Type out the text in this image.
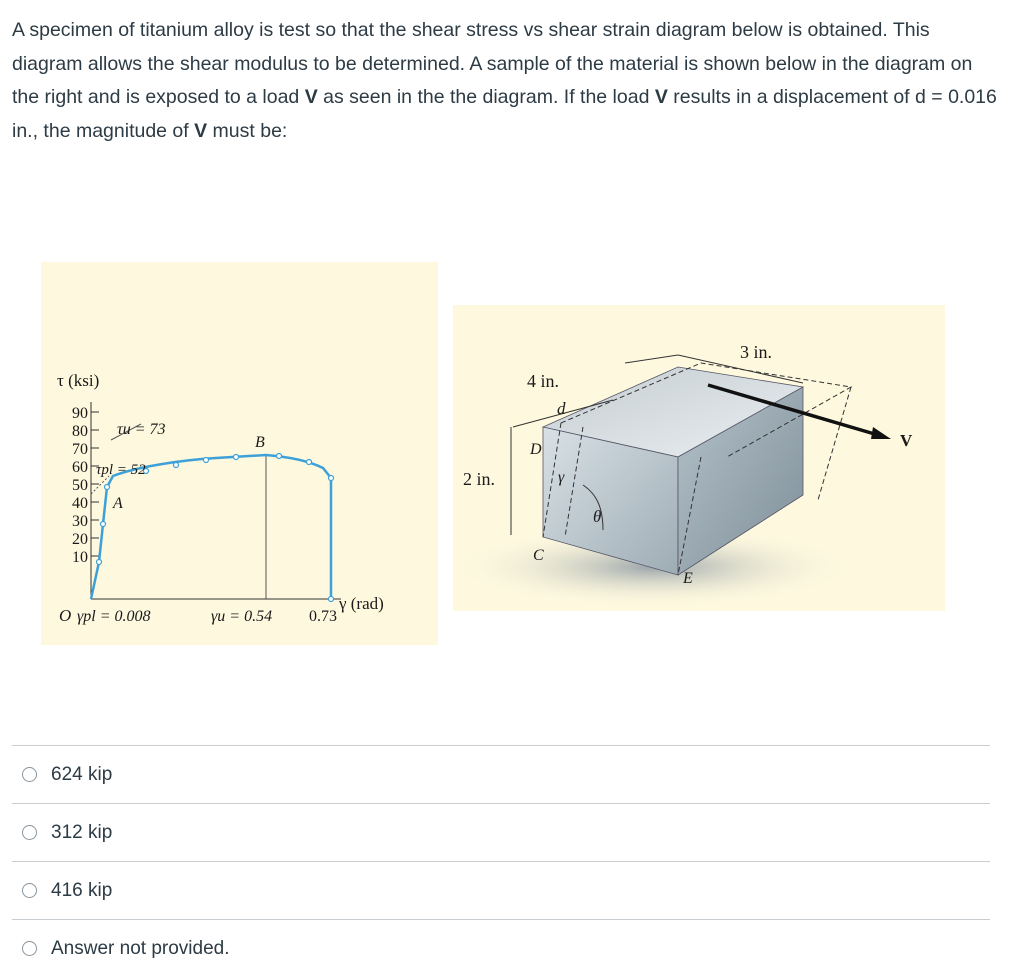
A specimen of titanium alloy is test so that the shear stress vs shear strain diagram below is obtained. This diagram allows the shear modulus to be determined. A sample of the material is shown below in the diagram on the right and is exposed to a load V as seen in the the diagram. If the load V results in a displacement of d = 0.016 in., the magnitude of V must be:
τ (ksi)
90
80
70
60
50
40
30
20
10
τu = 73
τpl = 52
A
B
O γpl = 0.008	γu = 0.54 0.73
γ (rad)
V
3 in.
4 in.
2 in.
d
D
γ
θ
C
E
624 kip
312 kip
416 kip
Answer not provided.
